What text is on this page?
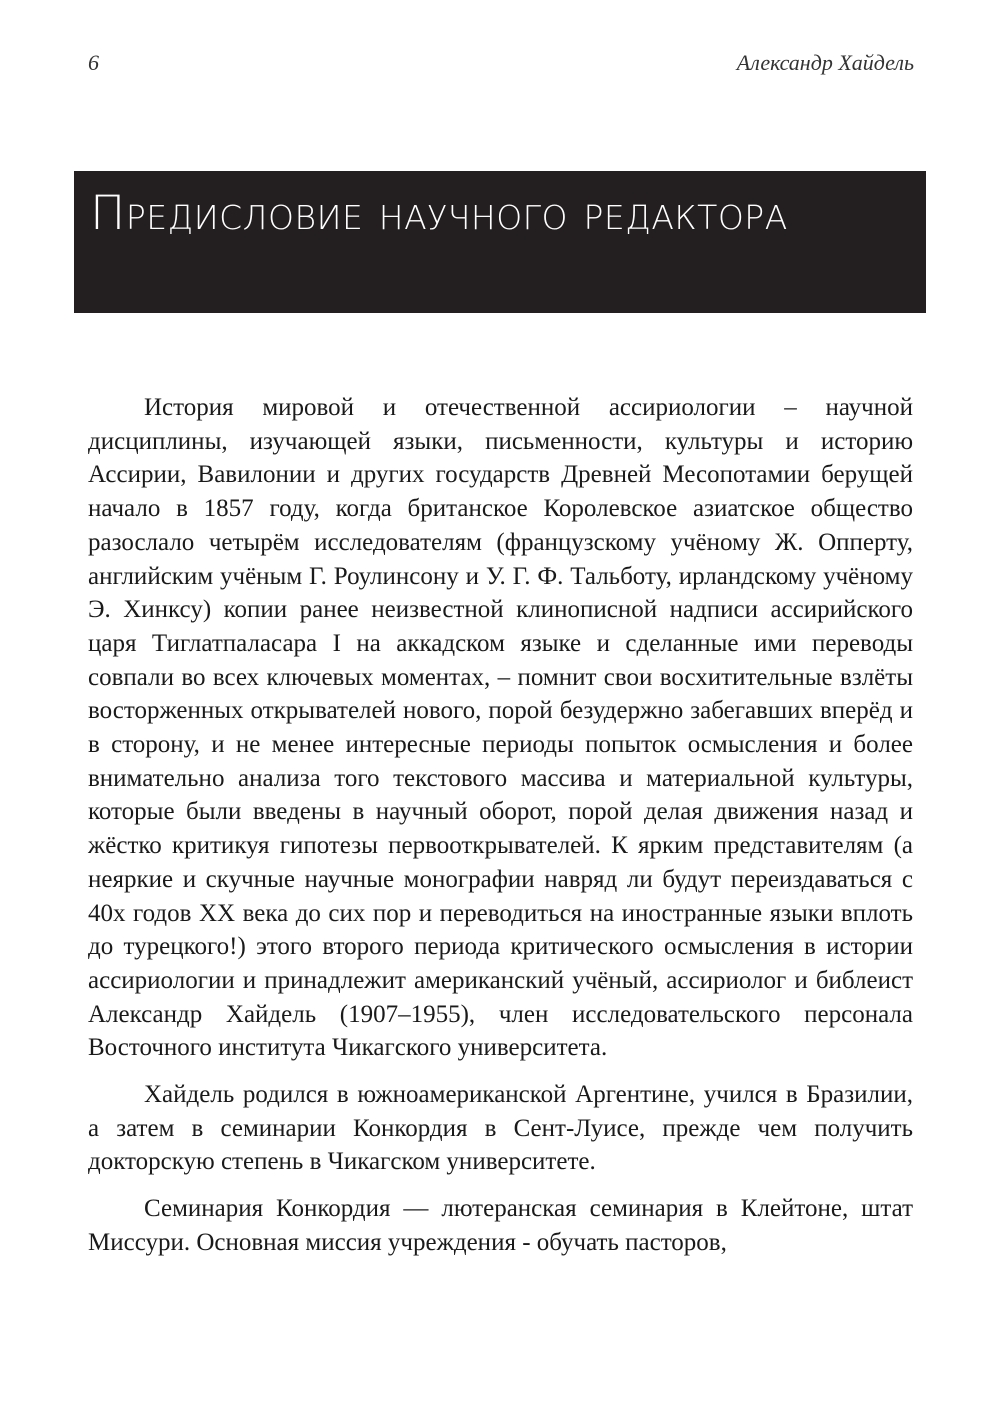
6	Александр Хайдель
Предисловие научного редактора

История мировой и отечественной ассириологии – научной дисциплины, изучающей языки, письменности, культуры и историю Ассирии, Вавилонии и других государств Древней Месопотамии берущей начало в 1857 году, когда британское Королевское азиатское общество разослало четырём исследователям (французскому учёному Ж. Опперту, английским учёным Г. Роулинсону и У. Г. Ф. Тальботу, ирландскому учёному Э. Хинксу) копии ранее неизвестной клинописной надписи ассирийского царя Тиглатпаласара I на аккадском языке и сделанные ими переводы совпали во всех ключевых моментах, – помнит свои восхитительные взлёты восторженных открывателей нового, порой безудержно забегавших вперёд и в сторону, и не менее интересные периоды попыток осмысления и более внимательно анализа того текстового массива и материальной культуры, которые были введены в научный оборот, порой делая движения назад и жёстко критикуя гипотезы первооткрывателей. К ярким представителям (а неяркие и скучные научные монографии навряд ли будут переиздаваться с 40х годов XX века до сих пор и переводиться на иностранные языки вплоть до турецкого!) этого второго периода критического осмысления в истории ассириологии и принадлежит американский учёный, ассириолог и библеист Александр Хайдель (1907–1955), член исследовательского персонала Восточного института Чикагского университета.

Хайдель родился в южноамериканской Аргентине, учился в Бразилии, а затем в семинарии Конкордия в Сент-Луисе, прежде чем получить докторскую степень в Чикагском университете.

Семинария Конкордия — лютеранская семинария в Клейтоне, штат Миссури. Основная миссия учреждения - обучать пасторов,
